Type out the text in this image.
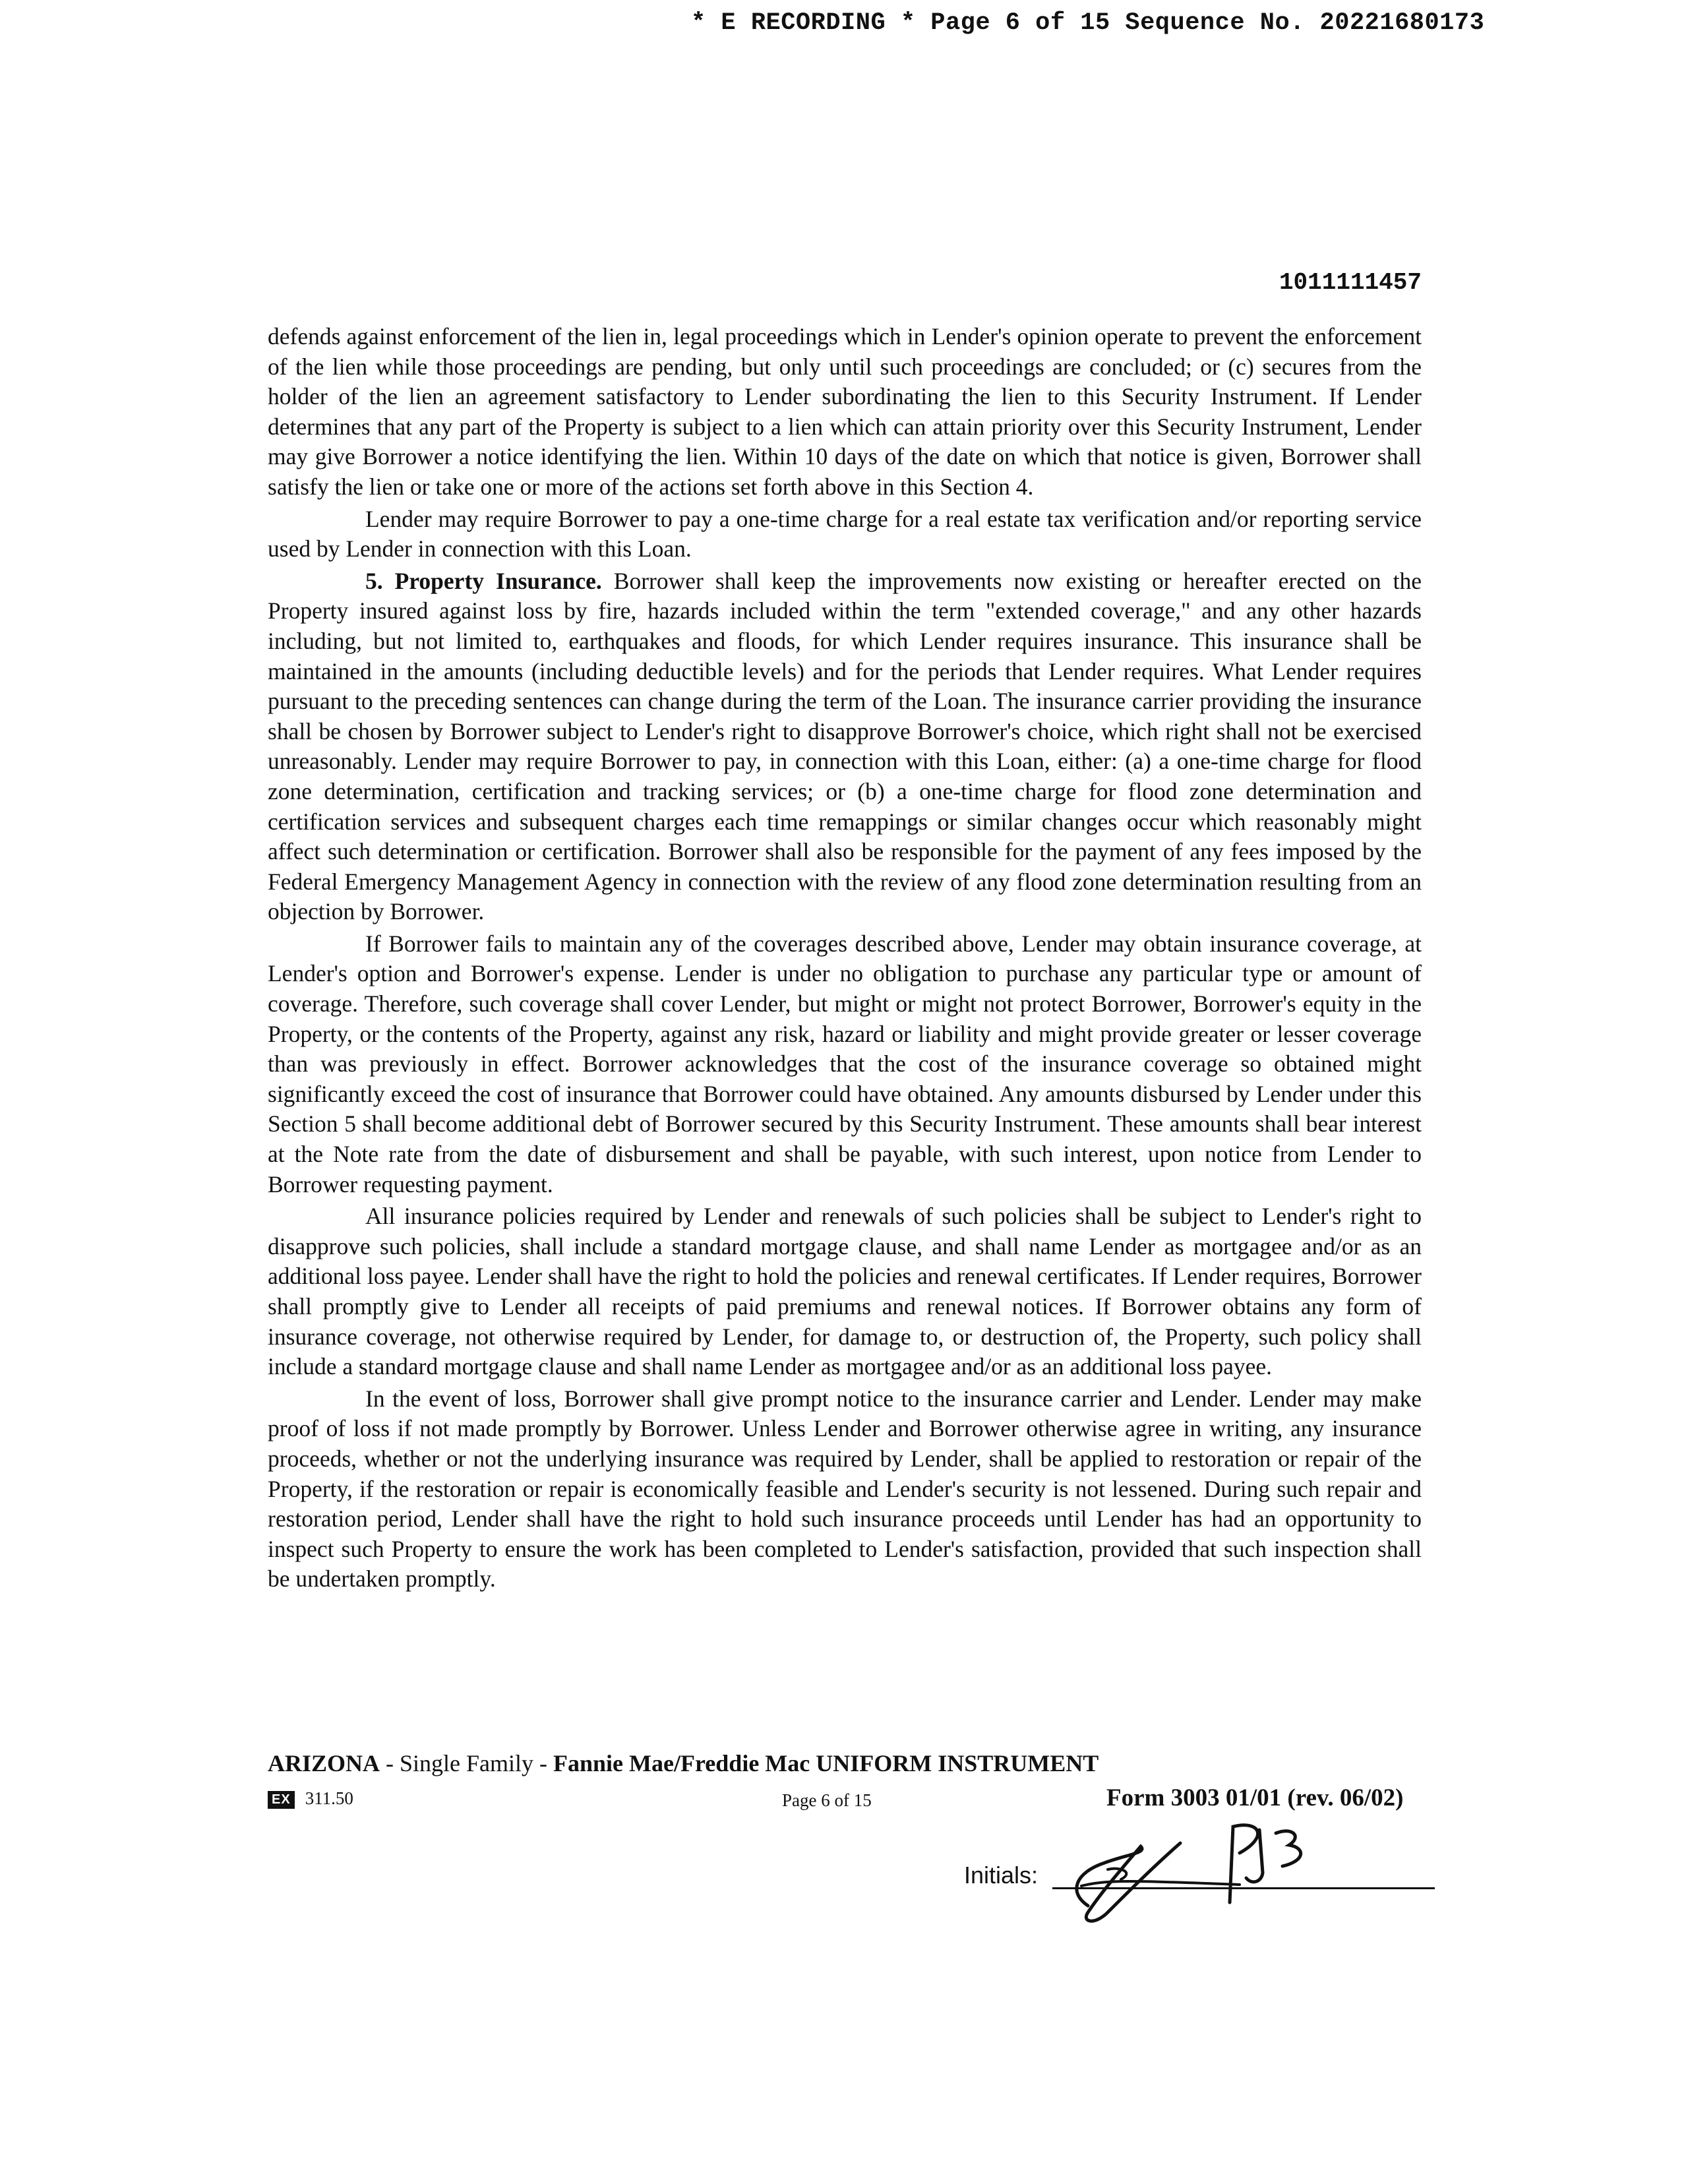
* E RECORDING * Page 6 of 15 Sequence No. 20221680173
1011111457

defends against enforcement of the lien in, legal proceedings which in Lender's opinion operate to prevent the enforcement of the lien while those proceedings are pending, but only until such proceedings are concluded; or (c) secures from the holder of the lien an agreement satisfactory to Lender subordinating the lien to this Security Instrument. If Lender determines that any part of the Property is subject to a lien which can attain priority over this Security Instrument, Lender may give Borrower a notice identifying the lien. Within 10 days of the date on which that notice is given, Borrower shall satisfy the lien or take one or more of the actions set forth above in this Section 4.

Lender may require Borrower to pay a one-time charge for a real estate tax verification and/or reporting service used by Lender in connection with this Loan.

5. Property Insurance. Borrower shall keep the improvements now existing or hereafter erected on the Property insured against loss by fire, hazards included within the term "extended coverage," and any other hazards including, but not limited to, earthquakes and floods, for which Lender requires insurance. This insurance shall be maintained in the amounts (including deductible levels) and for the periods that Lender requires. What Lender requires pursuant to the preceding sentences can change during the term of the Loan. The insurance carrier providing the insurance shall be chosen by Borrower subject to Lender's right to disapprove Borrower's choice, which right shall not be exercised unreasonably. Lender may require Borrower to pay, in connection with this Loan, either: (a) a one-time charge for flood zone determination, certification and tracking services; or (b) a one-time charge for flood zone determination and certification services and subsequent charges each time remappings or similar changes occur which reasonably might affect such determination or certification. Borrower shall also be responsible for the payment of any fees imposed by the Federal Emergency Management Agency in connection with the review of any flood zone determination resulting from an objection by Borrower.

If Borrower fails to maintain any of the coverages described above, Lender may obtain insurance coverage, at Lender's option and Borrower's expense. Lender is under no obligation to purchase any particular type or amount of coverage. Therefore, such coverage shall cover Lender, but might or might not protect Borrower, Borrower's equity in the Property, or the contents of the Property, against any risk, hazard or liability and might provide greater or lesser coverage than was previously in effect. Borrower acknowledges that the cost of the insurance coverage so obtained might significantly exceed the cost of insurance that Borrower could have obtained. Any amounts disbursed by Lender under this Section 5 shall become additional debt of Borrower secured by this Security Instrument. These amounts shall bear interest at the Note rate from the date of disbursement and shall be payable, with such interest, upon notice from Lender to Borrower requesting payment.

All insurance policies required by Lender and renewals of such policies shall be subject to Lender's right to disapprove such policies, shall include a standard mortgage clause, and shall name Lender as mortgagee and/or as an additional loss payee. Lender shall have the right to hold the policies and renewal certificates. If Lender requires, Borrower shall promptly give to Lender all receipts of paid premiums and renewal notices. If Borrower obtains any form of insurance coverage, not otherwise required by Lender, for damage to, or destruction of, the Property, such policy shall include a standard mortgage clause and shall name Lender as mortgagee and/or as an additional loss payee.

In the event of loss, Borrower shall give prompt notice to the insurance carrier and Lender. Lender may make proof of loss if not made promptly by Borrower. Unless Lender and Borrower otherwise agree in writing, any insurance proceeds, whether or not the underlying insurance was required by Lender, shall be applied to restoration or repair of the Property, if the restoration or repair is economically feasible and Lender's security is not lessened. During such repair and restoration period, Lender shall have the right to hold such insurance proceeds until Lender has had an opportunity to inspect such Property to ensure the work has been completed to Lender's satisfaction, provided that such inspection shall be undertaken promptly.

ARIZONA - Single Family - Fannie Mae/Freddie Mac UNIFORM INSTRUMENT
EX 311.50	Page 6 of 15	Form 3003 01/01 (rev. 06/02)
Initials:
